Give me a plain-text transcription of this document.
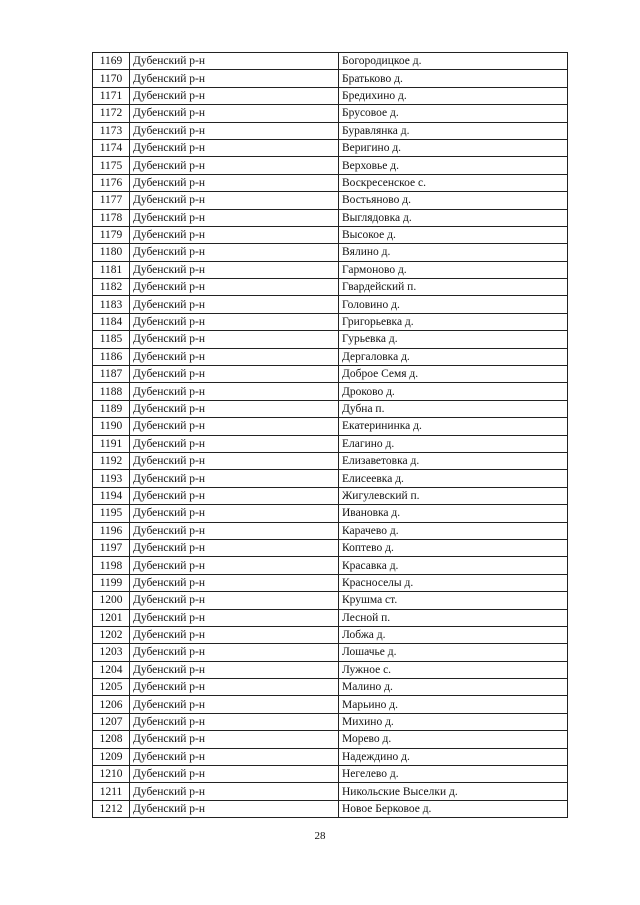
1169	Дубенский р-н	Богородицкое д.
1170	Дубенский р-н	Братьково д.
1171	Дубенский р-н	Бредихино д.
1172	Дубенский р-н	Брусовое д.
1173	Дубенский р-н	Буравлянка д.
1174	Дубенский р-н	Веригино д.
1175	Дубенский р-н	Верховье д.
1176	Дубенский р-н	Воскресенское с.
1177	Дубенский р-н	Востьяново д.
1178	Дубенский р-н	Выглядовка д.
1179	Дубенский р-н	Высокое д.
1180	Дубенский р-н	Вялино д.
1181	Дубенский р-н	Гармоново д.
1182	Дубенский р-н	Гвардейский п.
1183	Дубенский р-н	Головино д.
1184	Дубенский р-н	Григорьевка д.
1185	Дубенский р-н	Гурьевка д.
1186	Дубенский р-н	Дергаловка д.
1187	Дубенский р-н	Доброе Семя д.
1188	Дубенский р-н	Дроково д.
1189	Дубенский р-н	Дубна п.
1190	Дубенский р-н	Екатерининка д.
1191	Дубенский р-н	Елагино д.
1192	Дубенский р-н	Елизаветовка д.
1193	Дубенский р-н	Елисеевка д.
1194	Дубенский р-н	Жигулевский п.
1195	Дубенский р-н	Ивановка д.
1196	Дубенский р-н	Карачево д.
1197	Дубенский р-н	Коптево д.
1198	Дубенский р-н	Красавка д.
1199	Дубенский р-н	Красноселы д.
1200	Дубенский р-н	Крушма ст.
1201	Дубенский р-н	Лесной п.
1202	Дубенский р-н	Лобжа д.
1203	Дубенский р-н	Лошачье д.
1204	Дубенский р-н	Лужное с.
1205	Дубенский р-н	Малино д.
1206	Дубенский р-н	Марьино д.
1207	Дубенский р-н	Михино д.
1208	Дубенский р-н	Морево д.
1209	Дубенский р-н	Надеждино д.
1210	Дубенский р-н	Негелево д.
1211	Дубенский р-н	Никольские Выселки д.
1212	Дубенский р-н	Новое Берковое д.
28
